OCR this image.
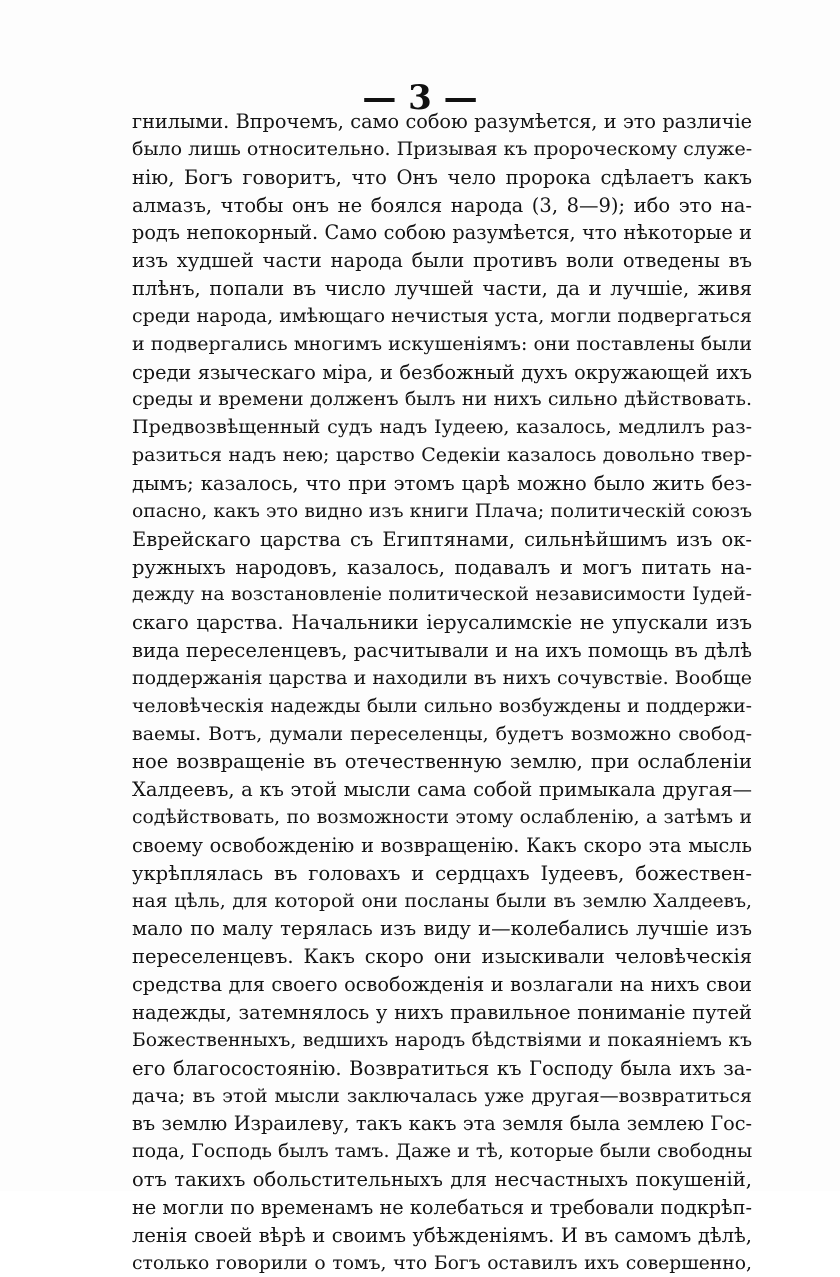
— 3 —
гнилыми. Впрочемъ, само собою разумѣется, и это различiе
было лишь относительно. Призывая къ пророческому служе-
нiю, Богъ говоритъ, что Онъ чело пророка сдѣлаетъ какъ
алмазъ, чтобы онъ не боялся народа (3, 8—9); ибо это на-
родъ непокорный. Само собою разумѣется, что нѣкоторые и
изъ худшей части народа были противъ воли отведены въ
плѣнъ, попали въ число лучшей части, да и лучшiе, живя
среди народа, имѣющаго нечистыя уста, могли подвергаться
и подвергались многимъ искушенiямъ: они поставлены были
среди языческаго мiра, и безбожный духъ окружающей ихъ
среды и времени долженъ былъ ни нихъ сильно дѣйствовать.
Предвозвѣщенный судъ надъ Iудеею, казалось, медлилъ раз-
разиться надъ нею; царство Седекiи казалось довольно твер-
дымъ; казалось, что при этомъ царѣ можно было жить без-
опасно, какъ это видно изъ книги Плача; политическiй союзъ
Еврейскаго царства съ Египтянами, сильнѣйшимъ изъ ок-
ружныхъ народовъ, казалось, подавалъ и могъ питать на-
дежду на возстановленiе политической независимости Iудей-
скаго царства. Начальники iерусалимскiе не упускали изъ
вида переселенцевъ, расчитывали и на ихъ помощь въ дѣлѣ
поддержанiя царства и находили въ нихъ сочувствiе. Вообще
человѣческiя надежды были сильно возбуждены и поддержи-
ваемы. Вотъ, думали переселенцы, будетъ возможно свобод-
ное возвращенiе въ отечественную землю, при ослабленiи
Халдеевъ, а къ этой мысли сама собой примыкала другая—
содѣйствовать, по возможности этому ослабленiю, а затѣмъ и
своему освобожденiю и возвращенiю. Какъ скоро эта мысль
укрѣплялась въ головахъ и сердцахъ Iудеевъ, божествен-
ная цѣль, для которой они посланы были въ землю Халдеевъ,
мало по малу терялась изъ виду и—колебались лучшiе изъ
переселенцевъ. Какъ скоро они изыскивали человѣческiя
средства для своего освобожденiя и возлагали на нихъ свои
надежды, затемнялось у нихъ правильное пониманiе путей
Божественныхъ, ведшихъ народъ бѣдствiями и покаянiемъ къ
его благосостоянiю. Возвратиться къ Господу была ихъ за-
дача; въ этой мысли заключалась уже другая—возвратиться
въ землю Израилеву, такъ какъ эта земля была землею Гос-
пода, Господь былъ тамъ. Даже и тѣ, которые были свободны
отъ такихъ обольстительныхъ для несчастныхъ покушенiй,
не могли по временамъ не колебаться и требовали подкрѣп-
ленiя своей вѣрѣ и своимъ убѣжденiямъ. И въ самомъ дѣлѣ,
столько говорили о томъ, что Богъ оставилъ ихъ совершенно,
